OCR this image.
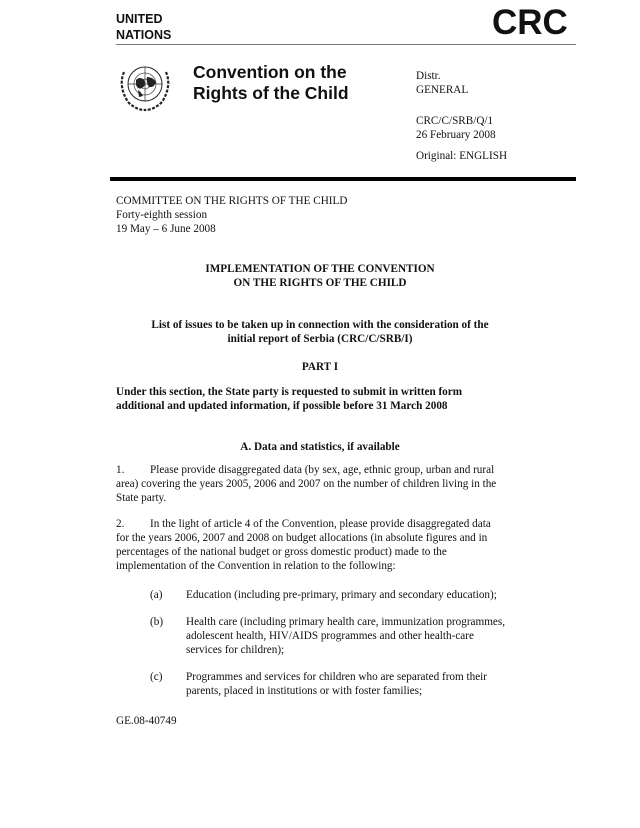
UNITED
NATIONS	CRC
Convention on the
Rights of the Child
Distr.
GENERAL
CRC/C/SRB/Q/1
26 February 2008
Original: ENGLISH
COMMITTEE ON THE RIGHTS OF THE CHILD
Forty-eighth session
19 May – 6 June 2008
IMPLEMENTATION OF THE CONVENTION
ON THE RIGHTS OF THE CHILD
List of issues to be taken up in connection with the consideration of the
initial report of Serbia (CRC/C/SRB/I)
PART I
Under this section, the State party is requested to submit in written form
additional and updated information, if possible before 31 March 2008
A. Data and statistics, if available
1.	Please provide disaggregated data (by sex, age, ethnic group, urban and rural
area) covering the years 2005, 2006 and 2007 on the number of children living in the
State party.
2.	In the light of article 4 of the Convention, please provide disaggregated data
for the years 2006, 2007 and 2008 on budget allocations (in absolute figures and in
percentages of the national budget or gross domestic product) made to the
implementation of the Convention in relation to the following:
(a) Education (including pre-primary, primary and secondary education);
(b) Health care (including primary health care, immunization programmes,
adolescent health, HIV/AIDS programmes and other health-care
services for children);
(c) Programmes and services for children who are separated from their
parents, placed in institutions or with foster families;
GE.08-40749
